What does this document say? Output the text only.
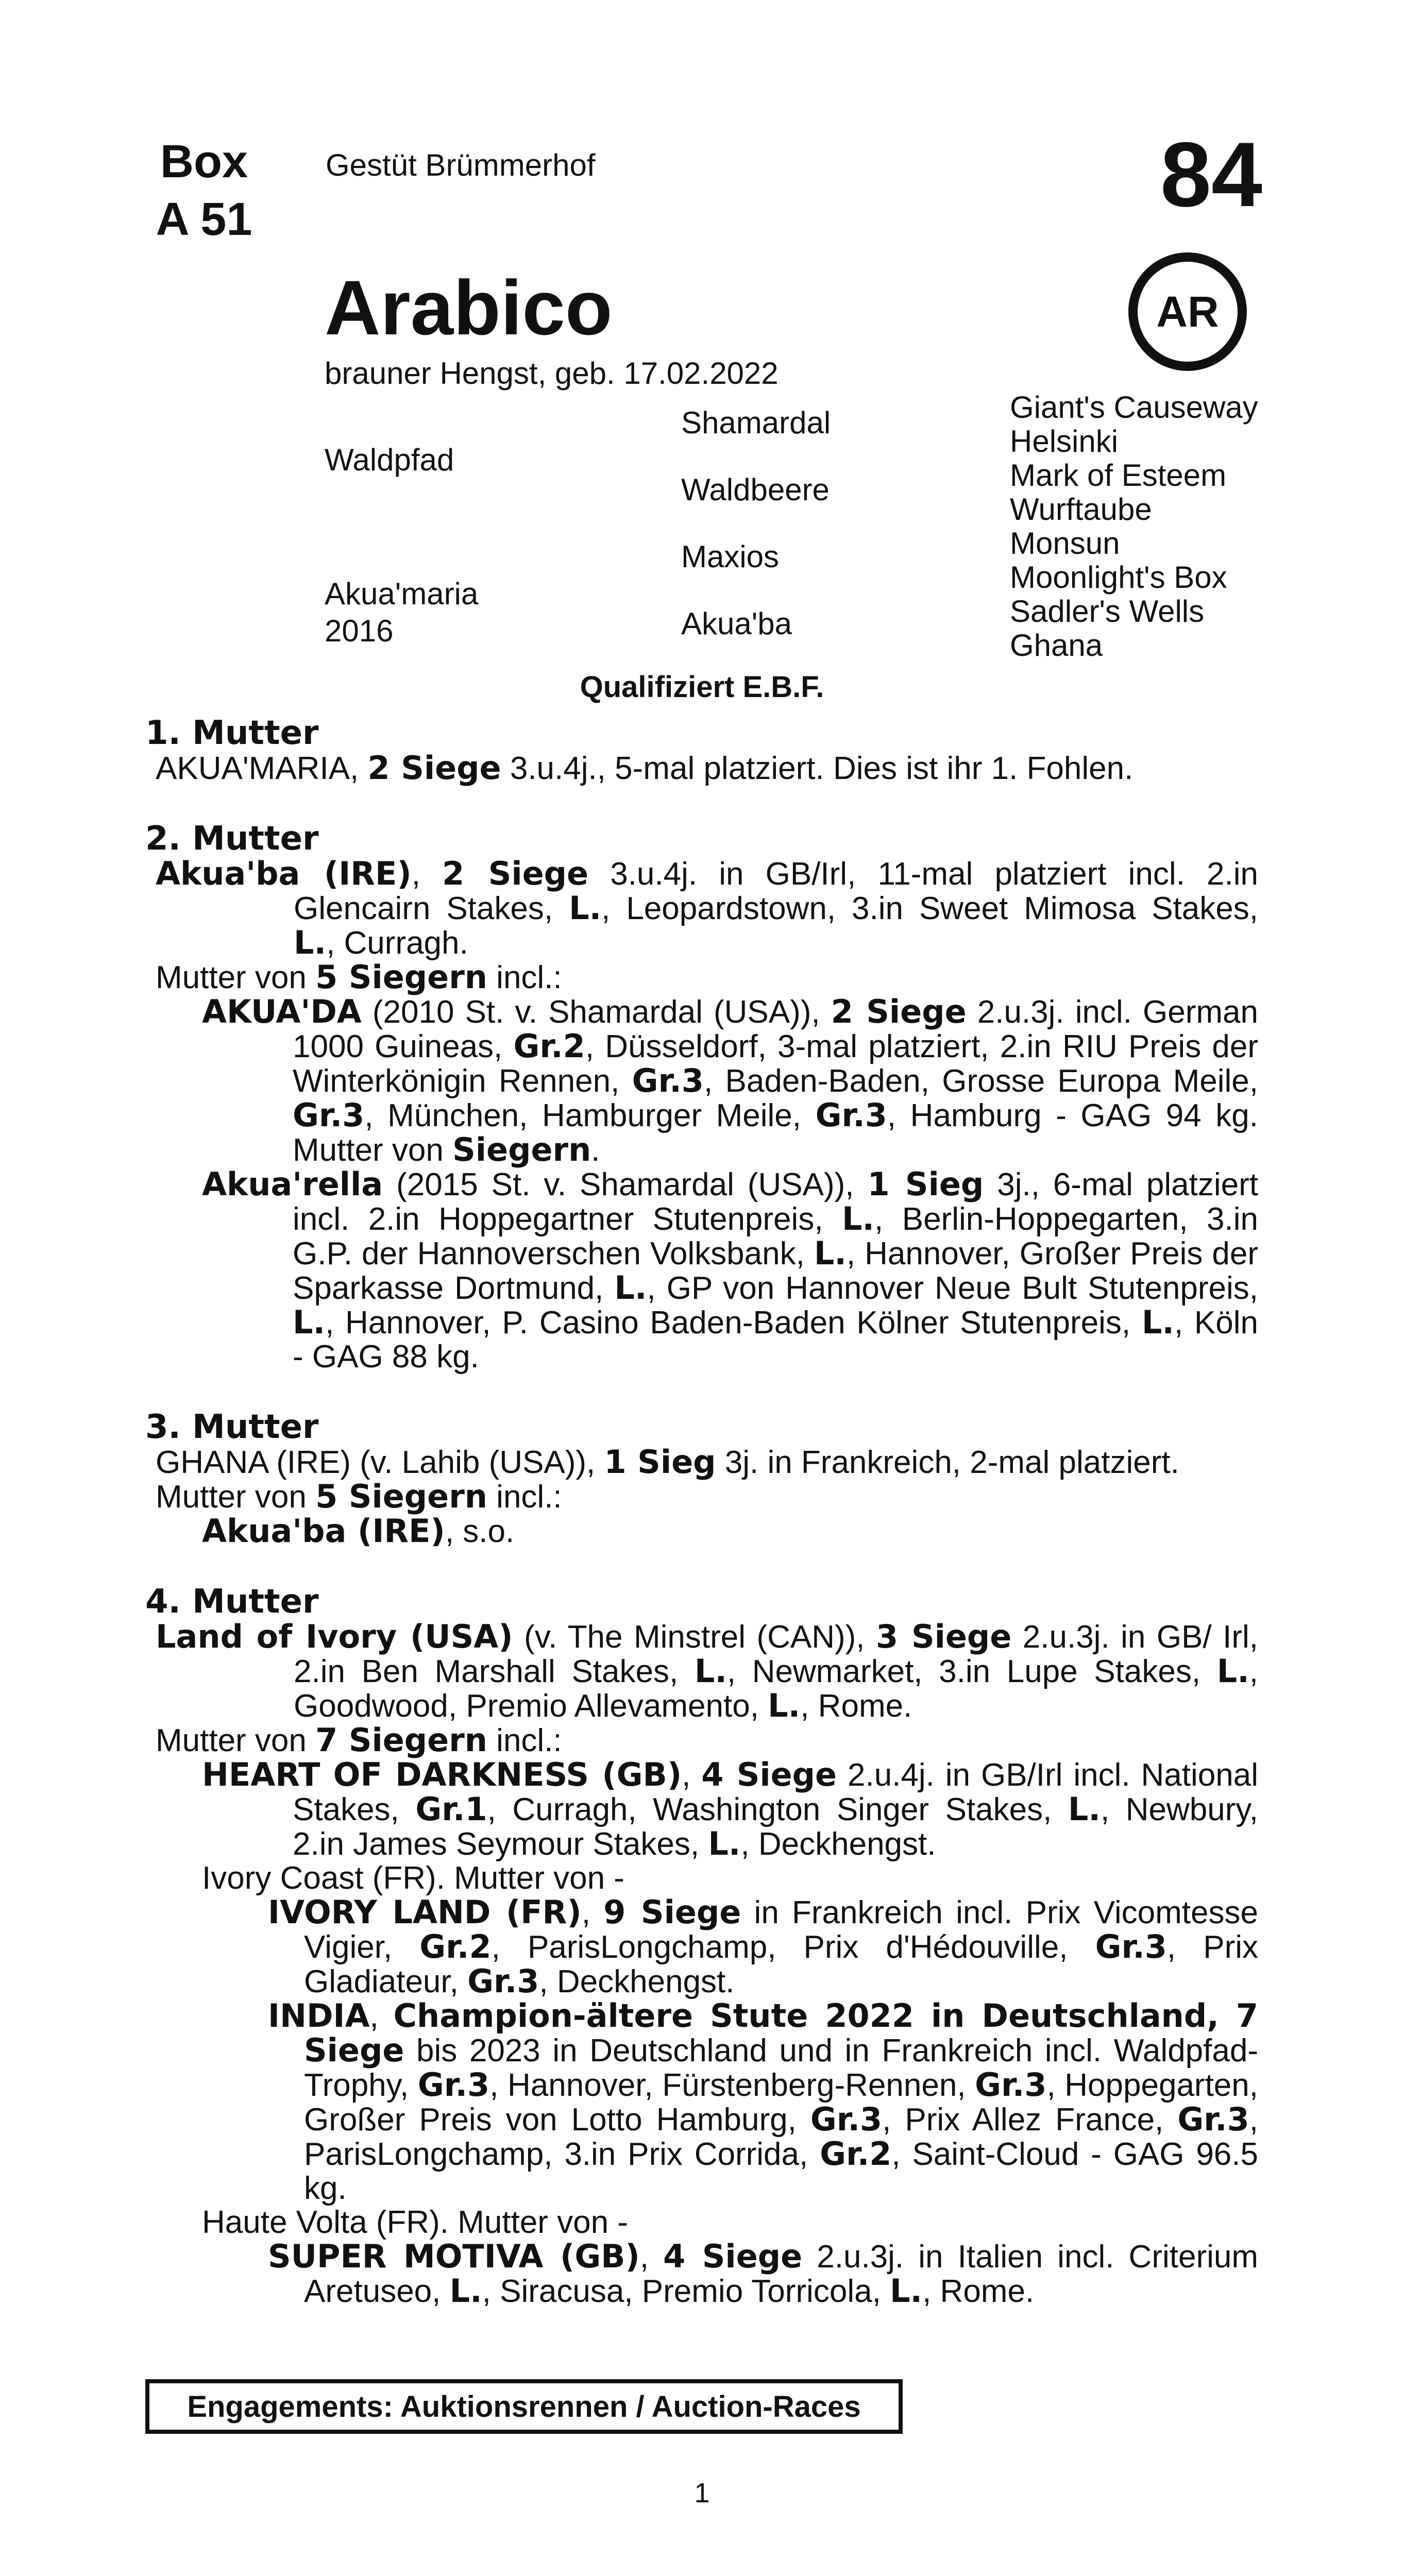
Box
A 51
Gestüt Brümmerhof	84
Arabico	AR
brauner Hengst, geb. 17.02.2022
Waldpfad
Akua'maria
2016
Shamardal
Waldbeere
Maxios
Akua'ba
Giant's Causeway
Helsinki
Mark of Esteem
Wurftaube
Monsun
Moonlight's Box
Sadler's Wells
Ghana
Qualifiziert E.B.F.
1. Mutter

AKUA'MARIA, 2 Siege 3.u.4j., 5-mal platziert. Dies ist ihr 1. Fohlen.

2. Mutter

Akua'ba (IRE), 2 Siege 3.u.4j. in GB/Irl, 11-mal platziert incl. 2.in Glencairn Stakes, L., Leopardstown, 3.in Sweet Mimosa Stakes, L., Curragh.

Mutter von 5 Siegern incl.:

AKUA'DA (2010 St. v. Shamardal (USA)), 2 Siege 2.u.3j. incl. German 1000 Guineas, Gr.2, Düsseldorf, 3-mal platziert, 2.in RIU Preis der Winterkönigin Rennen, Gr.3, Baden-Baden, Grosse Europa Meile, Gr.3, München, Hamburger Meile, Gr.3, Hamburg - GAG 94 kg. Mutter von Siegern.

Akua'rella (2015 St. v. Shamardal (USA)), 1 Sieg 3j., 6-mal platziert incl. 2.in Hoppegartner Stutenpreis, L., Berlin-Hoppegarten, 3.in G.P. der Hannoverschen Volksbank, L., Hannover, Großer Preis der Sparkasse Dortmund, L., GP von Hannover Neue Bult Stutenpreis, L., Hannover, P. Casino Baden-Baden Kölner Stutenpreis, L., Köln - GAG 88 kg.

3. Mutter

GHANA (IRE) (v. Lahib (USA)), 1 Sieg 3j. in Frankreich, 2-mal platziert.

Mutter von 5 Siegern incl.:

Akua'ba (IRE), s.o.

4. Mutter

Land of Ivory (USA) (v. The Minstrel (CAN)), 3 Siege 2.u.3j. in GB/ Irl, 2.in Ben Marshall Stakes, L., Newmarket, 3.in Lupe Stakes, L., Goodwood, Premio Allevamento, L., Rome.

Mutter von 7 Siegern incl.:

HEART OF DARKNESS (GB), 4 Siege 2.u.4j. in GB/Irl incl. National Stakes, Gr.1, Curragh, Washington Singer Stakes, L., Newbury, 2.in James Seymour Stakes, L., Deckhengst.

Ivory Coast (FR). Mutter von -

IVORY LAND (FR), 9 Siege in Frankreich incl. Prix Vicomtesse Vigier, Gr.2, ParisLongchamp, Prix d'Hédouville, Gr.3, Prix Gladiateur, Gr.3, Deckhengst.

INDIA, Champion-ältere Stute 2022 in Deutschland, 7 Siege bis 2023 in Deutschland und in Frankreich incl. Waldpfad-Trophy, Gr.3, Hannover, Fürstenberg-Rennen, Gr.3, Hoppegarten, Großer Preis von Lotto Hamburg, Gr.3, Prix Allez France, Gr.3, ParisLongchamp, 3.in Prix Corrida, Gr.2, Saint-Cloud - GAG 96.5 kg.

Haute Volta (FR). Mutter von -

SUPER MOTIVA (GB), 4 Siege 2.u.3j. in Italien incl. Criterium Aretuseo, L., Siracusa, Premio Torricola, L., Rome.

Engagements: Auktionsrennen / Auction-Races
1
